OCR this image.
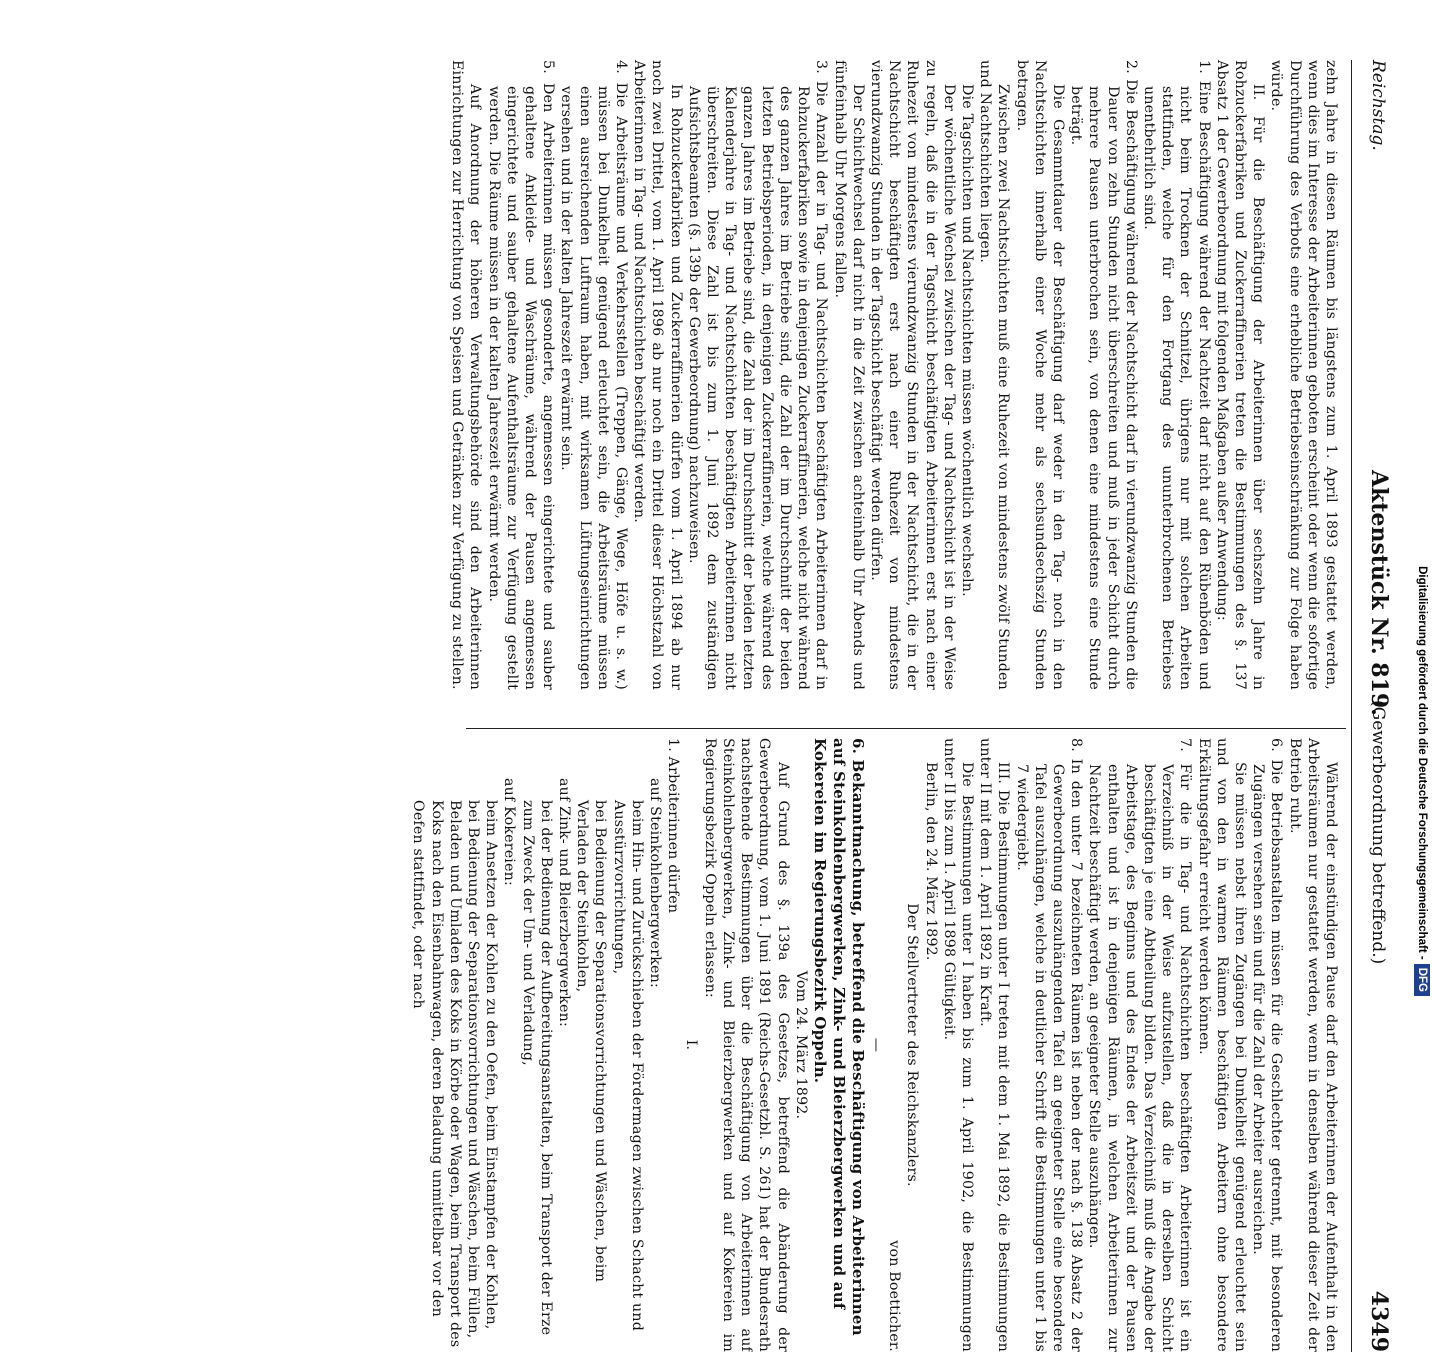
Reichstag.
Aktenstück Nr. 819.
(Gewerbeordnung betreffend.)
4349

zehn Jahre in diesen Räumen bis längstens zum 1. April 1893 gestattet werden, wenn dies im Interesse der Arbeiterinnen geboten erscheint oder wenn die sofortige Durchführung des Verbots eine erhebliche Betriebseinschränkung zur Folge haben würde.

II. Für die Beschäftigung der Arbeiterinnen über sechszehn Jahre in Rohzuckerfabriken und Zuckerraffinerien treten die Bestimmungen des §. 137 Absatz 1 der Gewerbeordnung mit folgenden Maßgaben außer Anwendung:

1. Eine Beschäftigung während der Nachtzeit darf nicht auf den Rübenböden und nicht beim Trocknen der Schnitzel, übrigens nur mit solchen Arbeiten stattfinden, welche für den Fortgang des ununterbrochenen Betriebes unentbehrlich sind.

2. Die Beschäftigung während der Nachtschicht darf in vierundzwanzig Stunden die Dauer von zehn Stunden nicht überschreiten und muß in jeder Schicht durch mehrere Pausen unterbrochen sein, von denen eine mindestens eine Stunde beträgt.

Die Gesammtdauer der Beschäftigung darf weder in den Tag- noch in den Nachtschichten innerhalb einer Woche mehr als sechsundsechszig Stunden betragen.

Zwischen zwei Nachtschichten muß eine Ruhezeit von mindestens zwölf Stunden und Nachtschichten liegen.

Die Tagschichten und Nachtschichten müssen wöchentlich wechseln.

Der wöchentliche Wechsel zwischen der Tag- und Nachtschicht ist in der Weise zu regeln, daß die in der Tagschicht beschäftigten Arbeiterinnen erst nach einer Ruhezeit von mindestens vierundzwanzig Stunden in der Nachtschicht, die in der Nachtschicht beschäftigten erst nach einer Ruhezeit von mindestens vierundzwanzig Stunden in der Tagschicht beschäftigt werden dürfen.

Der Schichtwechsel darf nicht in die Zeit zwischen achteinhalb Uhr Abends und fünfeinhalb Uhr Morgens fallen.

3. Die Anzahl der in Tag- und Nachtschichten beschäftigten Arbeiterinnen darf in Rohzuckerfabriken sowie in denjenigen Zuckerraffinerien, welche nicht während des ganzen Jahres im Betriebe sind, die Zahl der im Durchschnitt der beiden letzten Betriebsperioden, in denjenigen Zuckerraffinerien, welche während des ganzen Jahres im Betriebe sind, die Zahl der im Durchschnitt der beiden letzten Kalenderjahre in Tag- und Nachtschichten beschäftigten Arbeiterinnen nicht überschreiten. Diese Zahl ist bis zum 1. Juni 1892 dem zuständigen Aufsichtsbeamten (§. 139b der Gewerbeordnung) nachzuweisen.

In Rohzuckerfabriken und Zuckerraffinerien dürfen vom 1. April 1894 ab nur noch zwei Drittel, vom 1. April 1896 ab nur noch ein Drittel dieser Höchstzahl von Arbeiterinnen in Tag- und Nachtschichten beschäftigt werden.

4. Die Arbeitsräume und Verkehrsstellen (Treppen, Gänge, Wege, Höfe u. s. w.) müssen bei Dunkelheit genügend erleuchtet sein, die Arbeitsräume müssen einen ausreichenden Luftraum haben, mit wirksamen Lüftungseinrichtungen versehen und in der kalten Jahreszeit erwärmt sein.

5. Den Arbeiterinnen müssen gesonderte, angemessen eingerichtete und sauber gehaltene Ankleide- und Waschräume, während der Pausen angemessen eingerichtete und sauber gehaltene Aufenthaltsräume zur Verfügung gestellt werden. Die Räume müssen in der kalten Jahreszeit erwärmt werden.

Auf Anordnung der höheren Verwaltungsbehörde sind den Arbeiterinnen Einrichtungen zur Herrichtung von Speisen und Getränken zur Verfügung zu stellen.

Während der einstündigen Pause darf den Arbeiterinnen der Aufenthalt in den Arbeitsräumen nur gestattet werden, wenn in denselben während dieser Zeit der Betrieb ruht.

6. Die Betriebsanstalten müssen für die Geschlechter getrennt, mit besonderen Zugängen versehen sein und für die Zahl der Arbeiter ausreichen.

Sie müssen nebst ihren Zugängen bei Dunkelheit genügend erleuchtet sein und von den in warmen Räumen beschäftigten Arbeitern ohne besondere Erkältungsgefahr erreicht werden können.

7. Für die in Tag- und Nachtschichten beschäftigten Arbeiterinnen ist ein Verzeichniß in der Weise aufzustellen, daß die in derselben Schicht beschäftigten je eine Abtheilung bilden. Das Verzeichniß muß die Angabe der Arbeitstage, des Beginns und des Endes der Arbeitszeit und der Pausen enthalten und ist in denjenigen Räumen, in welchen Arbeiterinnen zur Nachtzeit beschäftigt werden, an geeigneter Stelle auszuhängen.

8. In den unter 7 bezeichneten Räumen ist neben der nach §. 138 Absatz 2 der Gewerbeordnung auszuhängenden Tafel an geeigneter Stelle eine besondere Tafel auszuhängen, welche in deutlicher Schrift die Bestimmungen unter 1 bis 7 wiedergiebt.

III. Die Bestimmungen unter I treten mit dem 1. Mai 1892, die Bestimmungen unter II mit dem 1. April 1892 in Kraft.

Die Bestimmungen unter I haben bis zum 1. April 1902, die Bestimmungen unter II bis zum 1. April 1898 Gültigkeit.

Berlin, den 24. März 1892.

Der Stellvertreter des Reichskanzlers.

von Boetticher.

—

6. Bekanntmachung, betreffend die Beschäftigung von Arbeiterinnen auf Steinkohlenbergwerken, Zink- und Bleierzbergwerken und auf Kokereien im Regierungsbezirk Oppeln.

Vom 24. März 1892.

Auf Grund des §. 139a des Gesetzes, betreffend die Abänderung der Gewerbeordnung, vom 1. Juni 1891 (Reichs-Gesetzbl. S. 261) hat der Bundesrath nachstehende Bestimmungen über die Beschäftigung von Arbeiterinnen auf Steinkohlenbergwerken, Zink- und Bleierzbergwerken und auf Kokereien im Regierungsbezirk Oppeln erlassen:

I.

1. Arbeiterinnen dürfen

auf Steinkohlenbergwerken:

beim Hin- und Zurückschieben der Fördermagen zwischen Schacht und Ausstürzvorrichtungen,

bei Bedienung der Separationsvorrichtungen und Wäschen, beim Verladen der Steinkohlen,

auf Zink- und Bleierzbergwerken:

bei der Bedienung der Aufbereitungsanstalten, beim Transport der Erze zum Zweck der Um- und Verladung,

auf Kokereien:

beim Ansetzen der Kohlen zu den Oefen, beim Einstampfen der Kohlen, bei Bedienung der Separationsvorrichtungen und Wäschen, beim Füllen, Beladen und Umladen des Koks in Körbe oder Wagen, beim Transport des Koks nach den Eisenbahnwagen, deren Beladung unmittelbar vor den Oefen stattfindet, oder nach	Digitalisierung gefördert durch die Deutsche Forschungsgemeinschaft -DFG
